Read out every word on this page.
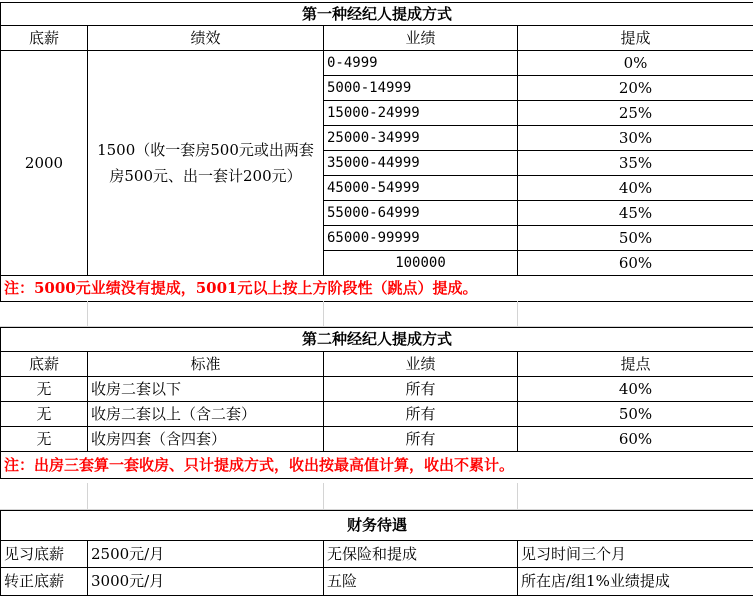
第一种经纪人提成方式			
底薪	绩效	业绩	提成
2000	1500（收一套房500元或出两套房500元、出一套计200元）	0-4999	0%
		5000-14999	20%
		15000-24999	25%
		25000-34999	30%
		35000-44999	35%
		45000-54999	40%
		55000-64999	45%
		65000-99999	50%
		100000	60%
注：5000元业绩没有提成，5001元以上按上方阶段性（跳点）提成。			

第二种经纪人提成方式			
底薪	标准	业绩	提点
无	收房二套以下	所有	40%
无	收房二套以上（含二套）	所有	50%
无	收房四套（含四套）	所有	60%
注：出房三套算一套收房、只计提成方式，收出按最高值计算，收出不累计。			

财务待遇			
见习底薪	2500元/月	无保险和提成	见习时间三个月
转正底薪	3000元/月	五险	所在店/组1%业绩提成
